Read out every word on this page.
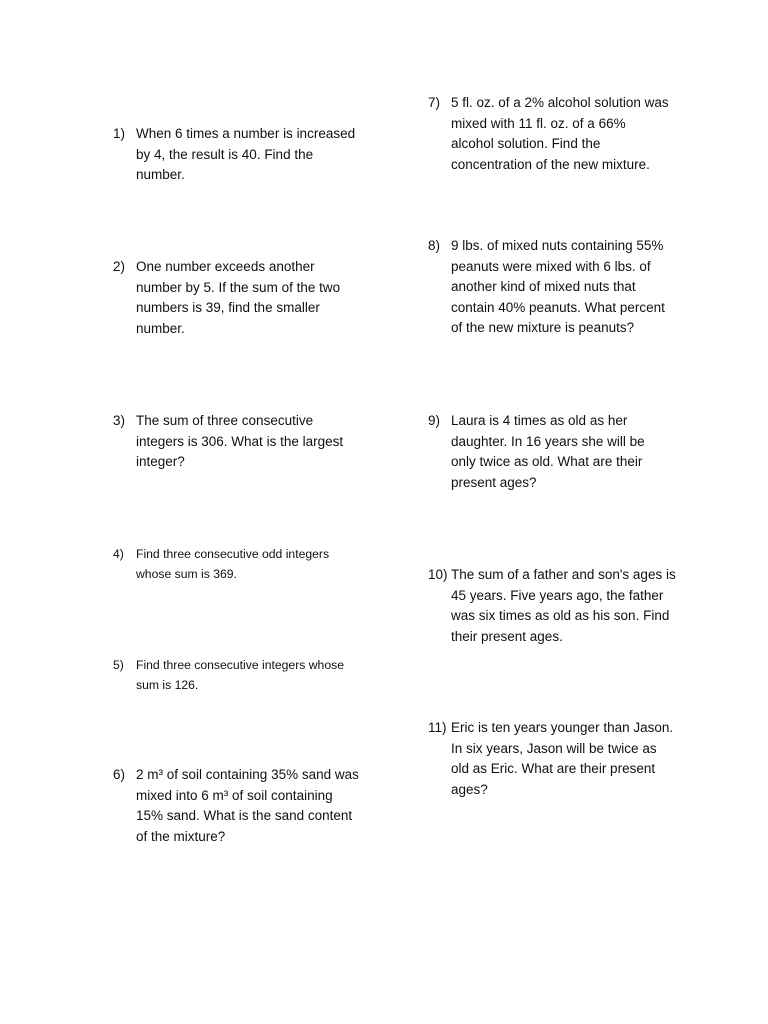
1) When 6 times a number is increased
by 4, the result is 40. Find the
number.
2) One number exceeds another
number by 5. If the sum of the two
numbers is 39, find the smaller
number.
3) The sum of three consecutive
integers is 306. What is the largest
integer?
4) Find three consecutive odd integers
whose sum is 369.
5) Find three consecutive integers whose
sum is 126.
6) 2 m³ of soil containing 35% sand was
mixed into 6 m³ of soil containing
15% sand. What is the sand content
of the mixture?
7) 5 fl. oz. of a 2% alcohol solution was
mixed with 11 fl. oz. of a 66%
alcohol solution. Find the
concentration of the new mixture.
8) 9 lbs. of mixed nuts containing 55%
peanuts were mixed with 6 lbs. of
another kind of mixed nuts that
contain 40% peanuts. What percent
of the new mixture is peanuts?
9) Laura is 4 times as old as her
daughter. In 16 years she will be
only twice as old. What are their
present ages?
10) The sum of a father and son's ages is
45 years. Five years ago, the father
was six times as old as his son. Find
their present ages.
11) Eric is ten years younger than Jason.
In six years, Jason will be twice as
old as Eric. What are their present
ages?
